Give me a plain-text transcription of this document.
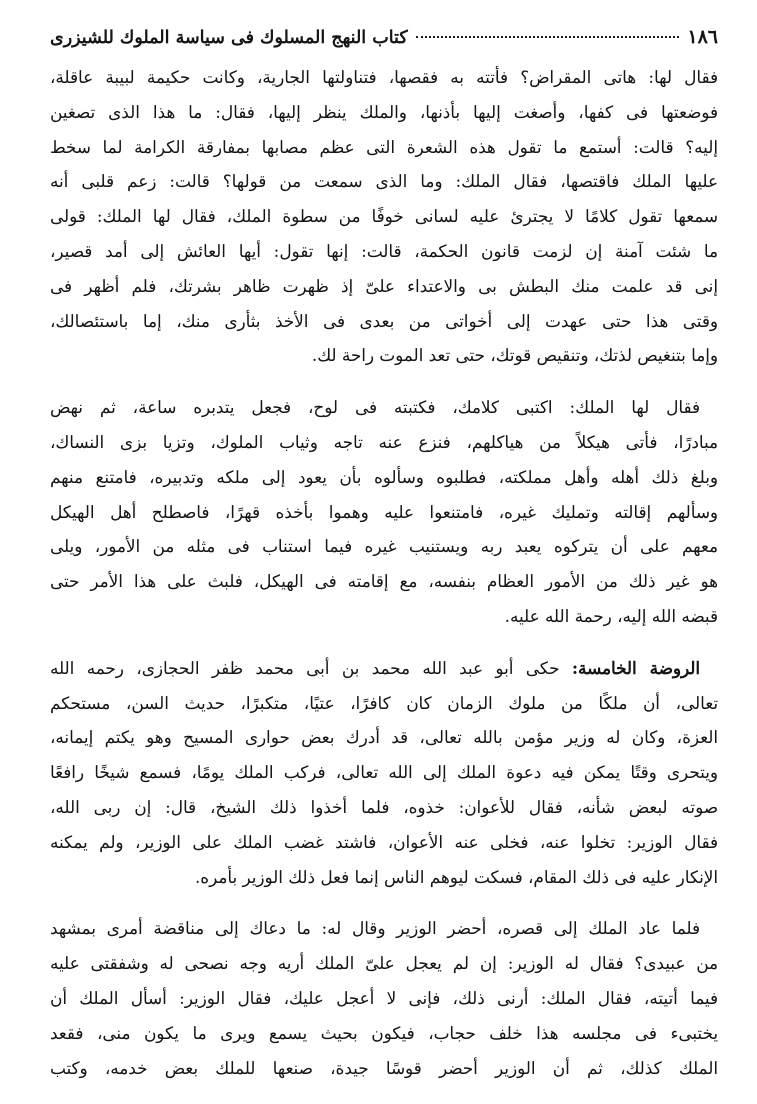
١٨٦
كتاب النهج المسلوك فى سياسة الملوك للشيزرى
فقال لها: هاتى المقراض؟ فأتته به فقصها، فتناولتها الجارية، وكانت حكيمة لبيبة عاقلة،
فوضعتها فى كفها، وأصغت إليها بأذنها، والملك ينظر إليها، فقال: ما هذا الذى تصغين
إليه؟ قالت: أستمع ما تقول هذه الشعرة التى عظم مصابها بمفارقة الكرامة لما سخط
عليها الملك فاقتصها، فقال الملك: وما الذى سمعت من قولها؟ قالت: زعم قلبى أنه
سمعها تقول كلامًا لا يجترئ عليه لسانى خوفًا من سطوة الملك، فقال لها الملك: قولى
ما شئت آمنة إن لزمت قانون الحكمة، قالت: إنها تقول: أيها العائش إلى أمد قصير،
إنى قد علمت منك البطش بى والاعتداء علىّ إذ ظهرت ظاهر بشرتك، فلم أظهر فى
وقتى هذا حتى عهدت إلى أخواتى من بعدى فى الأخذ بثأرى منك، إما باستئصالك،
وإما بتنغيص لذتك، وتنقيص قوتك، حتى تعد الموت راحة لك.
فقال لها الملك: اكتبى كلامك، فكتبته فى لوح، فجعل يتدبره ساعة، ثم نهض
مبادرًا، فأتى هيكلاً من هياكلهم، فنزع عنه تاجه وثياب الملوك، وتزيا بزى النساك،
وبلغ ذلك أهله وأهل مملكته، فطلبوه وسألوه بأن يعود إلى ملكه وتدبيره، فامتنع منهم
وسألهم إقالته وتمليك غيره، فامتنعوا عليه وهموا بأخذه قهرًا، فاصطلح أهل الهيكل
معهم على أن يتركوه يعبد ربه ويستنيب غيره فيما استناب فى مثله من الأمور، ويلى
هو غير ذلك من الأمور العظام بنفسه، مع إقامته فى الهيكل، فلبث على هذا الأمر حتى
قبضه الله إليه، رحمة الله عليه.
الروضة الخامسة: حكى أبو عبد الله محمد بن أبى محمد ظفر الحجازى، رحمه الله
تعالى، أن ملكًا من ملوك الزمان كان كافرًا، عتيًا، متكبرًا، حديث السن، مستحكم
العزة، وكان له وزير مؤمن بالله تعالى، قد أدرك بعض حوارى المسيح وهو يكتم إيمانه،
ويتحرى وقتًا يمكن فيه دعوة الملك إلى الله تعالى، فركب الملك يومًا، فسمع شيخًا رافعًا
صوته لبعض شأنه، فقال للأعوان: خذوه، فلما أخذوا ذلك الشيخ، قال: إن ربى الله،
فقال الوزير: تخلوا عنه، فخلى عنه الأعوان، فاشتد غضب الملك على الوزير، ولم يمكنه
الإنكار عليه فى ذلك المقام، فسكت ليوهم الناس إنما فعل ذلك الوزير بأمره.
فلما عاد الملك إلى قصره، أحضر الوزير وقال له: ما دعاك إلى مناقضة أمرى بمشهد
من عبيدى؟ فقال له الوزير: إن لم يعجل علىّ الملك أريه وجه نصحى له وشفقتى عليه
فيما أتيته، فقال الملك: أرنى ذلك، فإنى لا أعجل عليك، فقال الوزير: أسأل الملك أن
يختبىء فى مجلسه هذا خلف حجاب، فيكون بحيث يسمع ويرى ما يكون منى، فقعد
الملك كذلك، ثم أن الوزير أحضر قوسًا جيدة، صنعها للملك بعض خدمه، وكتب
